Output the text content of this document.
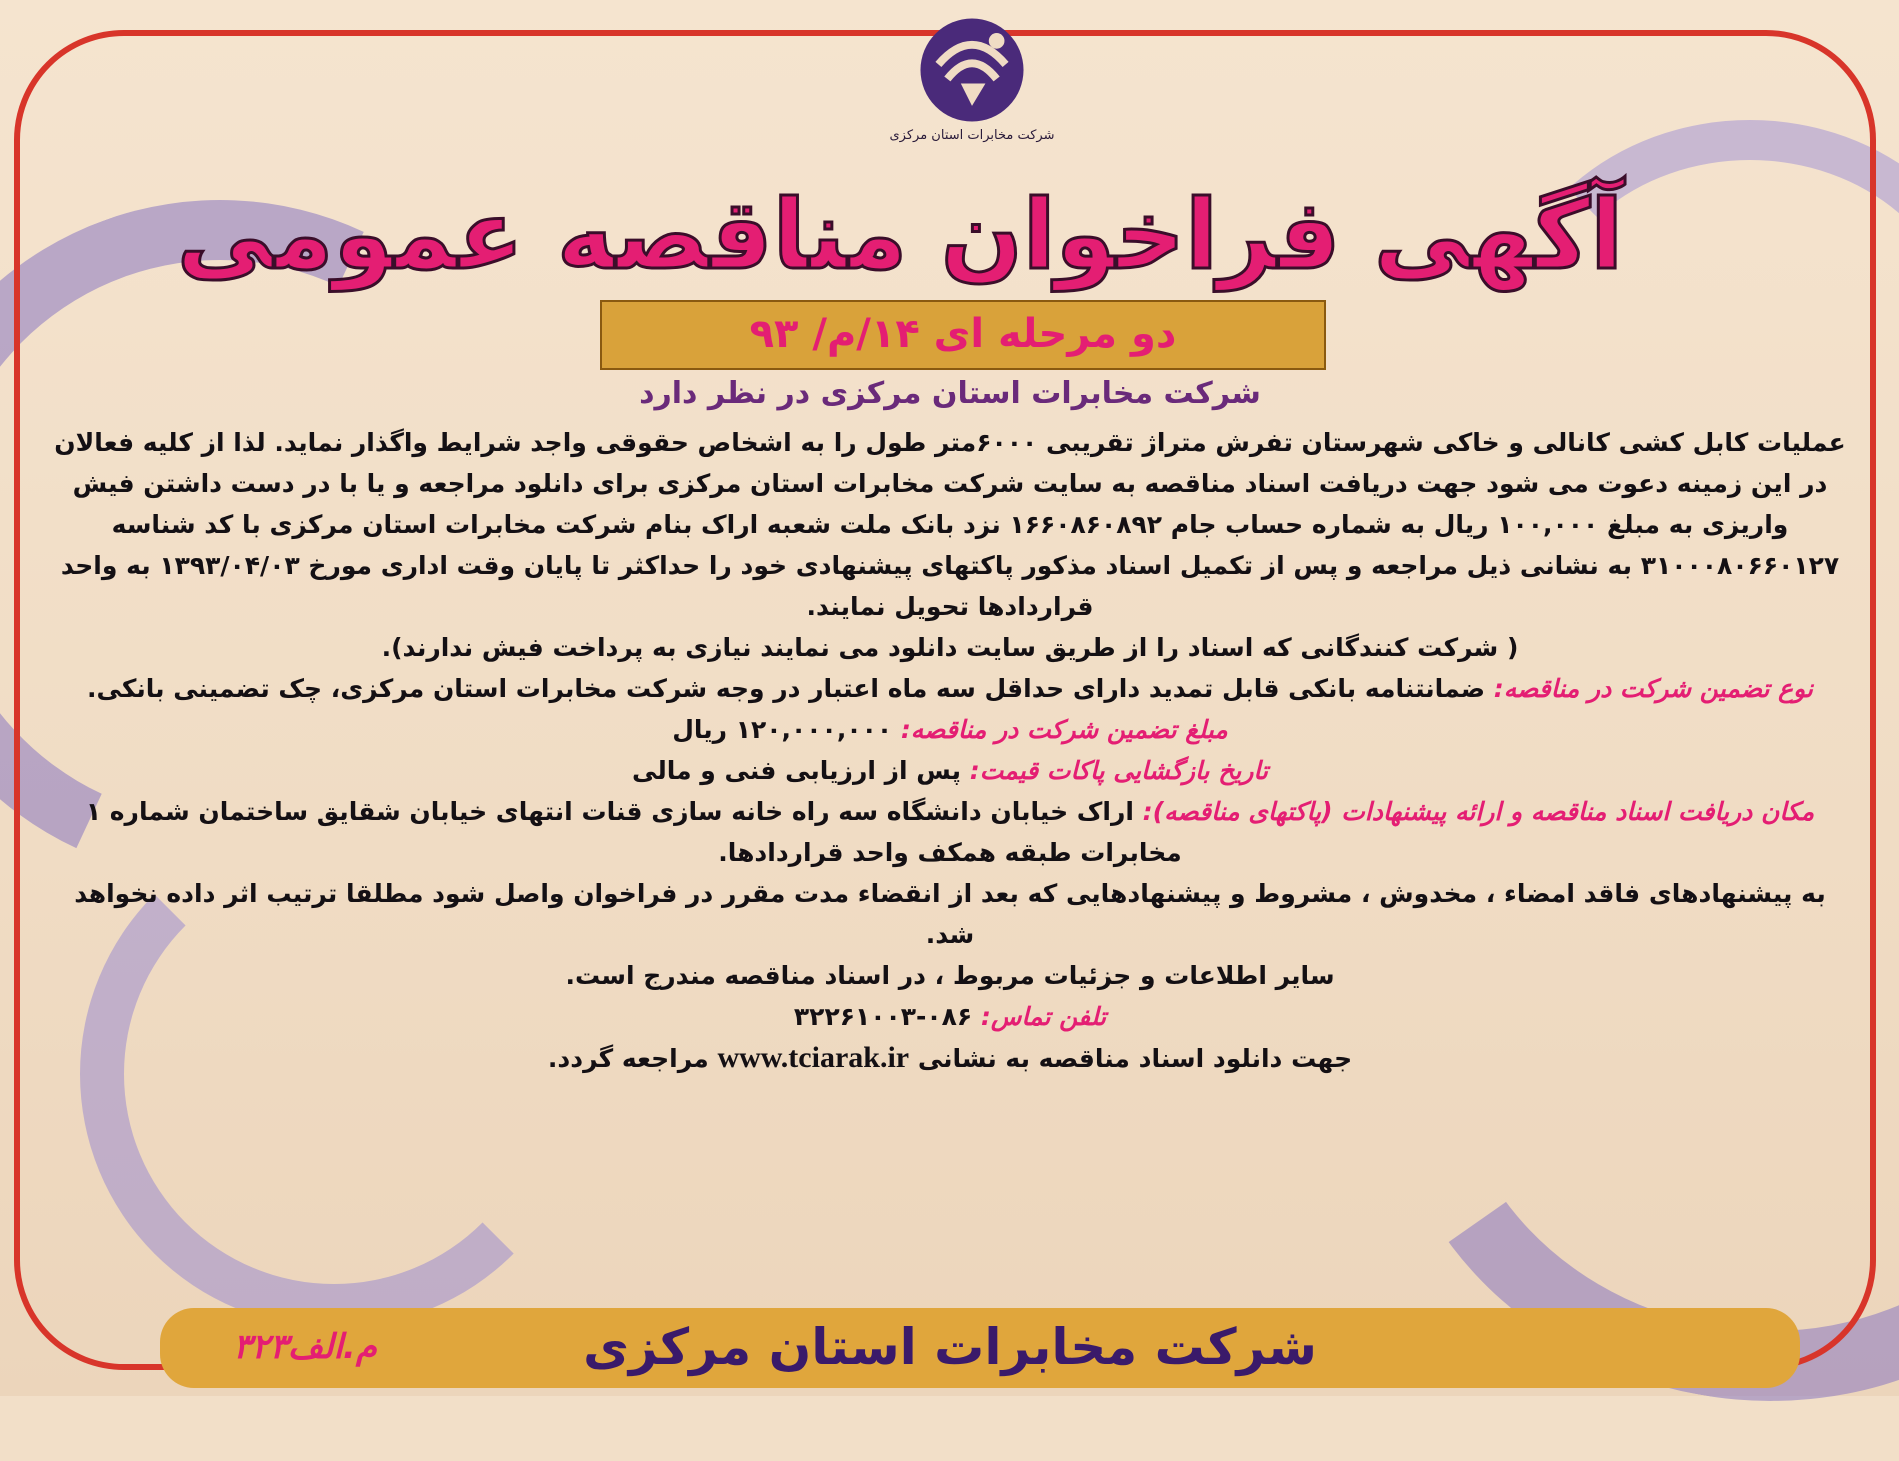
شرکت مخابرات استان مرکزی
آگهی فراخوان مناقصه عمومی
دو مرحله ای ۱۴/م/ ۹۳
شرکت مخابرات استان مرکزی در نظر دارد

عملیات کابل کشی کانالی و خاکی شهرستان تفرش متراژ تقریبی ۶۰۰۰متر طول را به اشخاص حقوقی واجد شرایط واگذار نماید. لذا از کلیه فعالان در این زمینه دعوت می شود جهت دریافت اسناد مناقصه به سایت شرکت مخابرات استان مرکزی برای دانلود مراجعه و یا با در دست داشتن فیش واریزی به مبلغ ۱۰۰,۰۰۰ ریال به شماره حساب جام ۱۶۶۰۸۶۰۸۹۲ نزد بانک ملت شعبه اراک بنام شرکت مخابرات استان مرکزی با کد شناسه ۳۱۰۰۰۸۰۶۶۰۱۲۷ به نشانی ذیل مراجعه و پس از تکمیل اسناد مذکور پاکتهای پیشنهادی خود را حداکثر تا پایان وقت اداری مورخ ۱۳۹۳/۰۴/۰۳ به واحد قراردادها تحویل نمایند.

( شرکت کنندگانی که اسناد را از طریق سایت دانلود می نمایند نیازی به پرداخت فیش ندارند).

نوع تضمین شرکت در مناقصه: ضمانتنامه بانکی قابل تمدید دارای حداقل سه ماه اعتبار در وجه شرکت مخابرات استان مرکزی، چک تضمینی بانکی.

مبلغ تضمین شرکت در مناقصه: ۱۲۰,۰۰۰,۰۰۰ ریال

تاریخ بازگشایی پاکات قیمت: پس از ارزیابی فنی و مالی

مکان دریافت اسناد مناقصه و ارائه پیشنهادات (پاکتهای مناقصه): اراک خیابان دانشگاه سه راه خانه سازی قنات انتهای خیابان شقایق ساختمان شماره ۱ مخابرات طبقه همکف واحد قراردادها.

به پیشنهادهای فاقد امضاء ، مخدوش ، مشروط و پیشنهادهایی که بعد از انقضاء مدت مقرر در فراخوان واصل شود مطلقا ترتیب اثر داده نخواهد شد.

سایر اطلاعات و جزئیات مربوط ، در اسناد مناقصه مندرج است.

تلفن تماس: ۰۸۶-۳۲۲۶۱۰۰۳

جهت دانلود اسناد مناقصه به نشانی www.tciarak.ir مراجعه گردد.

شرکت مخابرات استان مرکزی
م.الف۳۲۳
